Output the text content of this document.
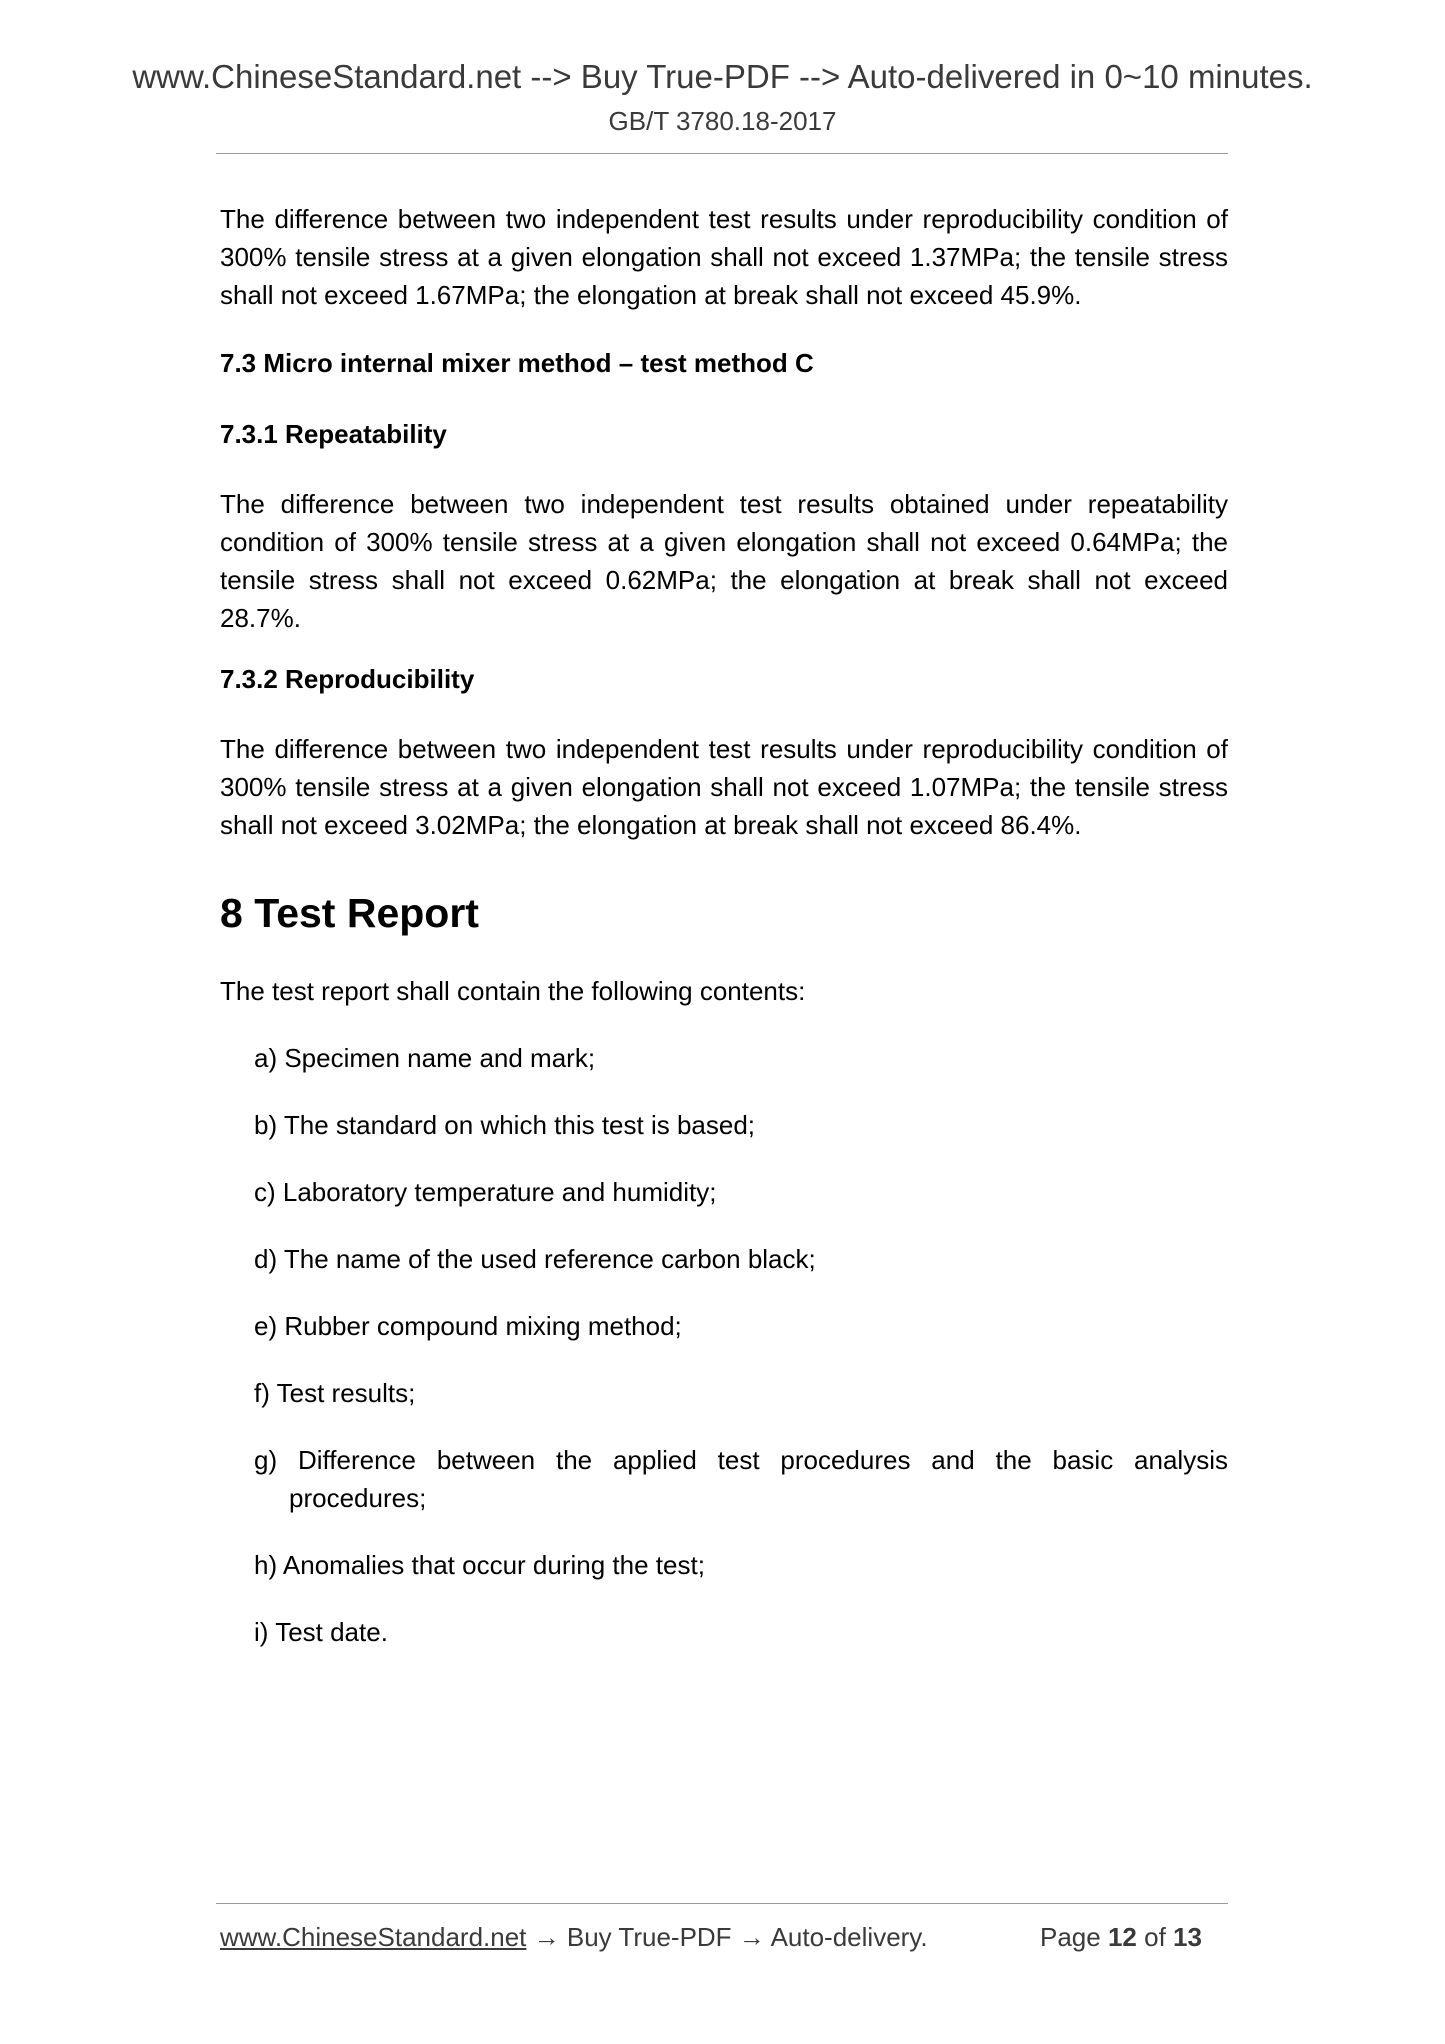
www.ChineseStandard.net --> Buy True-PDF --> Auto-delivered in 0~10 minutes.
GB/T 3780.18-2017

The difference between two independent test results under reproducibility condition of 300% tensile stress at a given elongation shall not exceed 1.37MPa; the tensile stress shall not exceed 1.67MPa; the elongation at break shall not exceed 45.9%.

7.3 Micro internal mixer method – test method C

7.3.1 Repeatability

The difference between two independent test results obtained under repeatability condition of 300% tensile stress at a given elongation shall not exceed 0.64MPa; the tensile stress shall not exceed 0.62MPa; the elongation at break shall not exceed 28.7%.

7.3.2 Reproducibility

The difference between two independent test results under reproducibility condition of 300% tensile stress at a given elongation shall not exceed 1.07MPa; the tensile stress shall not exceed 3.02MPa; the elongation at break shall not exceed 86.4%.

8 Test Report

The test report shall contain the following contents:

a) Specimen name and mark;
b) The standard on which this test is based;
c) Laboratory temperature and humidity;
d) The name of the used reference carbon black;
e) Rubber compound mixing method;
f) Test results;
g) Difference between the applied test procedures and the basic analysis procedures;
h) Anomalies that occur during the test;
i) Test date.
www.ChineseStandard.net → Buy True-PDF → Auto-delivery.	Page 12 of 13
